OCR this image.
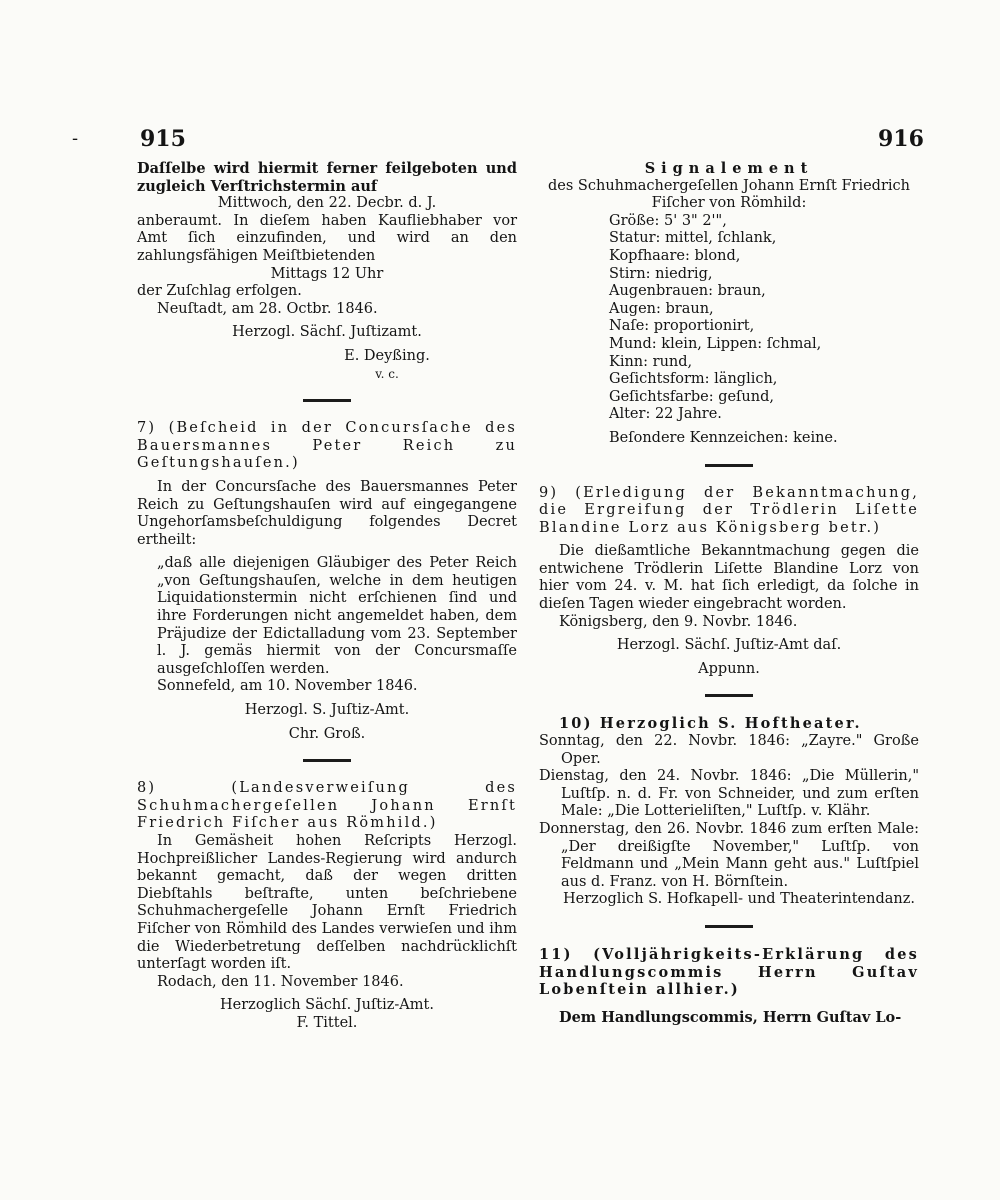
-	915	916

Daſſelbe wird hiermit ferner feilgeboten und zugleich Verſtrichstermin auf

Mittwoch, den 22. Decbr. d. J.

anberaumt. In dieſem haben Kaufliebhaber vor Amt ſich einzufinden, und wird an den zahlungsfähigen Meiſtbietenden

Mittags 12 Uhr

der Zuſchlag erfolgen.

Neuſtadt, am 28. Octbr. 1846.

Herzogl. Sächſ. Juſtizamt.

E. Deyßing.

v. c.

7) (Beſcheid in der Concursſache des Bauersmannes Peter Reich zu Geſtungshauſen.)

In der Concursſache des Bauersmannes Peter Reich zu Geſtungshauſen wird auf eingegangene Ungehorſamsbeſchuldigung folgendes Decret ertheilt:

„daß alle diejenigen Gläubiger des Peter Reich „von Geſtungshauſen, welche in dem heutigen Liquidationstermin nicht erſchienen ſind und ihre Forderungen nicht angemeldet haben, dem Präjudize der Edictalladung vom 23. September l. J. gemäs hiermit von der Concursmaſſe ausgeſchloſſen werden.

Sonnefeld, am 10. November 1846.

Herzogl. S. Juſtiz-Amt.

Chr. Groß.

8) (Landesverweiſung des Schuhmachergeſellen Johann Ernſt Friedrich Fiſcher aus Römhild.)

In Gemäsheit hohen Reſcripts Herzogl. Hochpreißlicher Landes-Regierung wird andurch bekannt gemacht, daß der wegen dritten Diebſtahls beſtrafte, unten beſchriebene Schuhmachergeſelle Johann Ernſt Friedrich Fiſcher von Römhild des Landes verwieſen und ihm die Wiederbetretung deſſelben nachdrücklichſt unterſagt worden iſt.

Rodach, den 11. November 1846.

Herzoglich Sächſ. Juſtiz-Amt.

F. Tittel.

Signalement

des Schuhmachergeſellen Johann Ernſt Friedrich Fiſcher von Römhild:

Größe: 5' 3" 2'",

Statur: mittel, ſchlank,

Kopfhaare: blond,

Stirn: niedrig,

Augenbrauen: braun,

Augen: braun,

Naſe: proportionirt,

Mund: klein, Lippen: ſchmal,

Kinn: rund,

Geſichtsform: länglich,

Geſichtsfarbe: geſund,

Alter: 22 Jahre.

Beſondere Kennzeichen: keine.

9) (Erledigung der Bekanntmachung, die Ergreifung der Trödlerin Liſette Blandine Lorz aus Königsberg betr.)

Die dießamtliche Bekanntmachung gegen die entwichene Trödlerin Liſette Blandine Lorz von hier vom 24. v. M. hat ſich erledigt, da ſolche in dieſen Tagen wieder eingebracht worden.

Königsberg, den 9. Novbr. 1846.

Herzogl. Sächſ. Juſtiz-Amt daſ.

Appunn.

10) Herzoglich S. Hoftheater.

Sonntag, den 22. Novbr. 1846: „Zayre." Große Oper.

Dienstag, den 24. Novbr. 1846: „Die Müllerin," Luſtſp. n. d. Fr. von Schneider, und zum erſten Male: „Die Lotterieliſten," Luſtſp. v. Klähr.

Donnerstag, den 26. Novbr. 1846 zum erſten Male: „Der dreißigſte November," Luſtſp. von Feldmann und „Mein Mann geht aus." Luſtſpiel aus d. Franz. von H. Börnſtein.

Herzoglich S. Hofkapell- und Theaterintendanz.

11) (Volljährigkeits-Erklärung des Handlungscommis Herrn Guſtav Lobenſtein allhier.)

Dem Handlungscommis, Herrn Guſtav Lo-
